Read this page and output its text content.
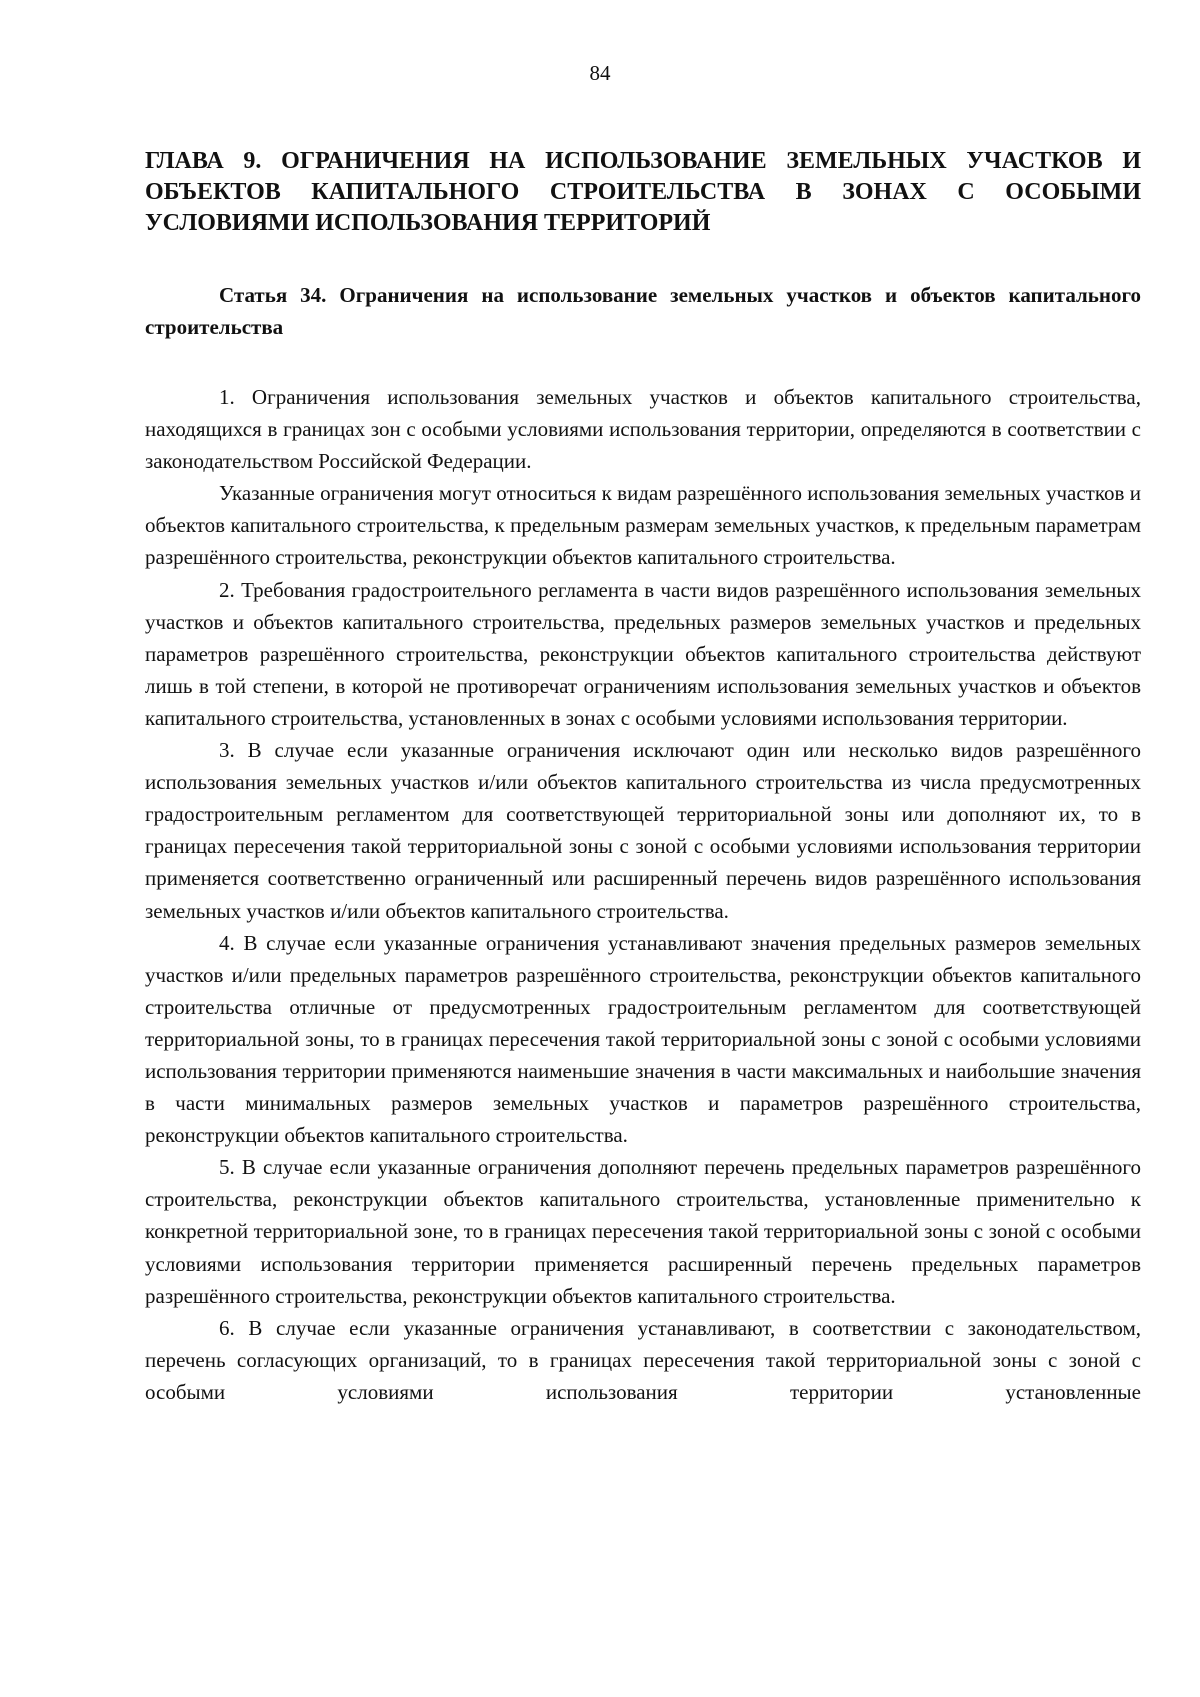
84
ГЛАВА 9. ОГРАНИЧЕНИЯ НА ИСПОЛЬЗОВАНИЕ ЗЕМЕЛЬНЫХ УЧАСТКОВ И ОБЪЕКТОВ КАПИТАЛЬНОГО СТРОИТЕЛЬСТВА В ЗОНАХ С ОСОБЫМИ УСЛОВИЯМИ ИСПОЛЬЗОВАНИЯ ТЕРРИТОРИЙ
Статья 34. Ограничения на использование земельных участков и объектов капитального строительства

1. Ограничения использования земельных участков и объектов капитального строительства, находящихся в границах зон с особыми условиями использования территории, определяются в соответствии с законодательством Российской Федерации.

Указанные ограничения могут относиться к видам разрешённого использования земельных участков и объектов капитального строительства, к предельным размерам земельных участков, к предельным параметрам разрешённого строительства, реконструкции объектов капитального строительства.

2. Требования градостроительного регламента в части видов разрешённого использования земельных участков и объектов капитального строительства, предельных размеров земельных участков и предельных параметров разрешённого строительства, реконструкции объектов капитального строительства действуют лишь в той степени, в которой не противоречат ограничениям использования земельных участков и объектов капитального строительства, установленных в зонах с особыми условиями использования территории.

3. В случае если указанные ограничения исключают один или несколько видов разрешённого использования земельных участков и/или объектов капитального строительства из числа предусмотренных градостроительным регламентом для соответствующей территориальной зоны или дополняют их, то в границах пересечения такой территориальной зоны с зоной с особыми условиями использования территории применяется соответственно ограниченный или расширенный перечень видов разрешённого использования земельных участков и/или объектов капитального строительства.

4. В случае если указанные ограничения устанавливают значения предельных размеров земельных участков и/или предельных параметров разрешённого строительства, реконструкции объектов капитального строительства отличные от предусмотренных градостроительным регламентом для соответствующей территориальной зоны, то в границах пересечения такой территориальной зоны с зоной с особыми условиями использования территории применяются наименьшие значения в части максимальных и наибольшие значения в части минимальных размеров земельных участков и параметров разрешённого строительства, реконструкции объектов капитального строительства.

5. В случае если указанные ограничения дополняют перечень предельных параметров разрешённого строительства, реконструкции объектов капитального строительства, установленные применительно к конкретной территориальной зоне, то в границах пересечения такой территориальной зоны с зоной с особыми условиями использования территории применяется расширенный перечень предельных параметров разрешённого строительства, реконструкции объектов капитального строительства.

6. В случае если указанные ограничения устанавливают, в соответствии с законодательством, перечень согласующих организаций, то в границах пересечения такой территориальной зоны с зоной с особыми условиями использования территории установленные
